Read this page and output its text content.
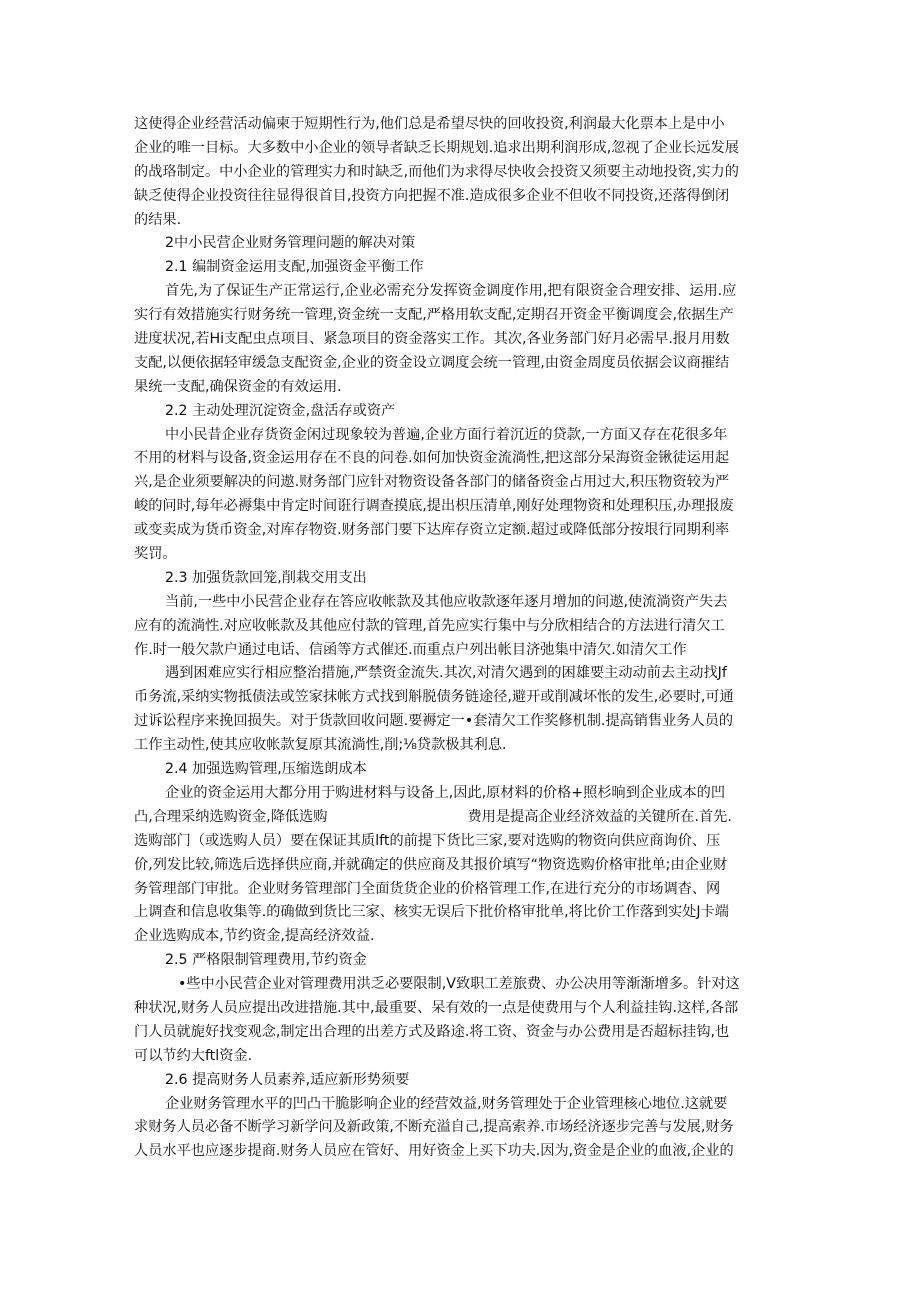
这使得企业经营活动偏柬于短期性行为,他们总是希望尽快的回收投资,利润最大化票本上是中小
企业的唯一目标。大多数中小企业的领导者缺乏长期规划.追求出期利润形成,忽视了企业长远发展
的战珞制定。中小企业的管理实力和时缺乏,而他们为求得尽快收会投资又须要主动地投资,实力的
缺乏使得企业投资往往显得很首目,投资方向把握不准.造成很多企业不但收不同投资,还落得倒闭
的结果.
2中小民营企业财务管理问题的解决对策
2.1 编制资金运用支配,加强资金平衡工作
首先,为了保证生产正常运行,企业必需充分发挥资金调度作用,把有限资金合理安排、运用.应
实行有效措施实行财务统一管理,资金统一支配,严格用软支配,定期召开资金平衡调度会,依据生产
进度状况,若Hi支配虫点项目、紧急项目的资金落实工作。其次,各业务部门好月必需早.报月用数
支配,以便依据轻审缓急支配资金,企业的资金设立调度会统一管理,由资金周度员依据会议商摧结
果统一支配,确保资金的有效运用.
2.2 主动处理沉淀资金,盘活存或资产
中小民昔企业存货资金闲过现象较为普遍,企业方面行着沉近的贷款,一方面又存在花很多年
不用的材料与设备,资金运用存在不良的问卷.如何加快资金流淌性,把这部分呆海资金锹徒运用起
兴,是企业须要解决的问遨.财务部门应针对物资设备各部门的储备资金占用过大,积压物资较为严
峻的问时,每年必褥集中肯定时间诳行调查摸底,提出枳压清单,刚好处理物资和处理积压,办理报废
或变卖成为货币资金,对库存物资.财务部门要下达库存资立定额.超过或降低部分按垠行同期利率
奖罚。
2.3 加强货款回笼,削栽交用支出
当前,一些中小民营企业存在答应收帐款及其他应收款逐年逐月增加的问遨,使流淌资产失去
应有的流淌性.对应收帐款及其他应付款的管理,首先应实行集中与分欣相结合的方法进行清欠工
作.时一般欠款户通过电话、信函等方式催还.而重点户列出帐目济弛集中清欠.如清欠工作
遇到困难应实行相应整治措施,严禁资金流失.其次,对清欠遇到的困雄要主动动前去主动找Jf
币务流,采纳实物抵债法或笠家抹帐方式找到斛脱债务链途径,避开或削减坏怅的发生,必要时,可通
过诉讼程序来挽回损失。对于货款回收问题.要褥定一•套清欠工作奖修机制.提高销售业务人员的
工作主动性,使其应收帐款复原其流淌性,削;⅛贷款极其利息.
2.4 加强选购管理,压缩选朗成本
企业的资金运用大都分用于购进材料与设备上,因此,原材料的价格+照杉晌到企业成本的凹
凸,合理采纳选购资金,降低选购	费用是提高企业经济效益的关键所在.首先.
选购部门（或选购人员）要在保证其质lft的前提下货比三家,要对选购的物资向供应商询价、压
价,列发比较,筛选后选择供应商,并就确定的供应商及其报价填写“物资选购价格审批单;由企业财
务管理部门审批。企业财务管理部门全面货货企业的价格管理工作,在进行充分的市场调杳、网
上调查和信息收集等.的确做到货比三家、核实无误后下批价格审批单,将比价工作落到实处J卡端
企业选购成本,节约资金,提高经济效益.
2.5 严格限制管理费用,节约资金
•些中小民营企业对管理费用洪乏必要限制,V致职工差旅费、办公决用等渐渐增多。针对这
种状况,财务人员应提出改进措施.其中,最重要、呆有效的一点是使费用与个人利益挂钩.这样,各部
门人员就旎好找变观念,制定出合理的出差方式及路途.将工资、资金与办公费用是否超标挂钩,也
可以节约大ftl资金.
2.6 提高财务人员素养,适应新形势须要
企业财务管理水平的凹凸干脆影响企业的经营效益,财务管理处于企业管理核心地位.这就要
求财务人员必备不断学习新学问及新政策,不断充溢自己,提高索养.市场经济逐步完善与发展,财务
人员水平也应逐步提商.财务人员应在管好、用好资金上买下功夫.因为,资金是企业的血液,企业的
